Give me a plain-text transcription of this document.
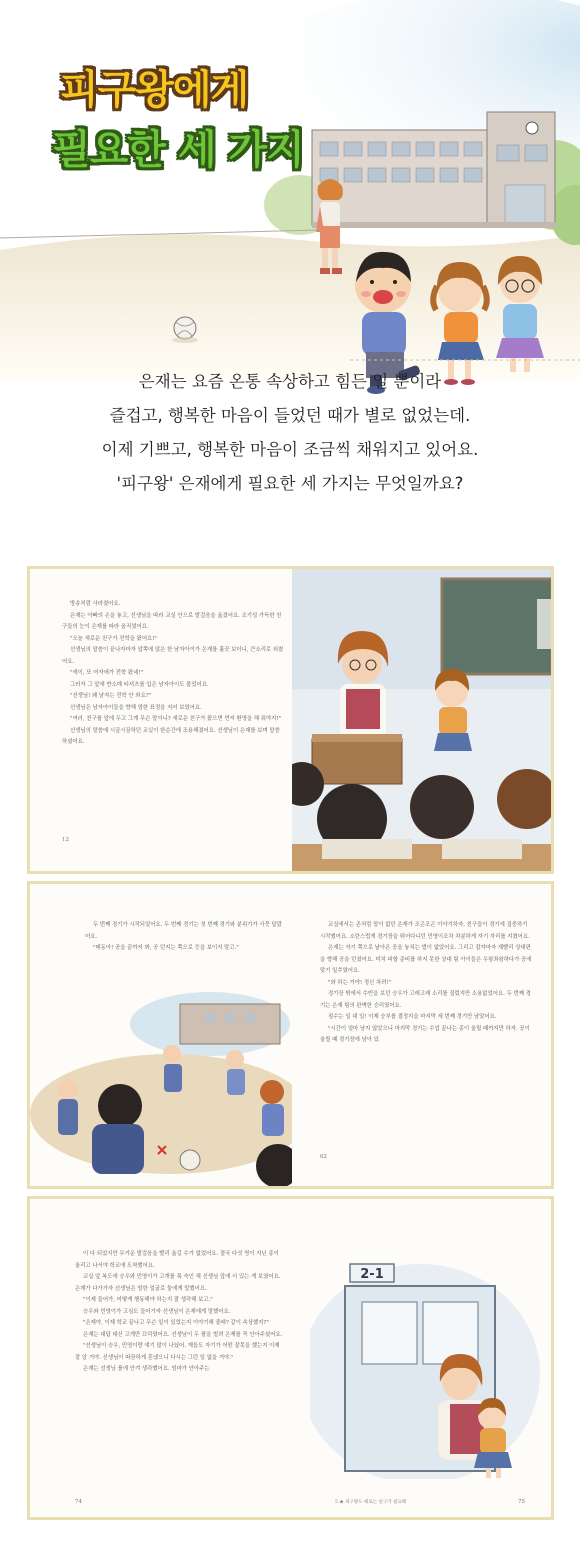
피구왕에게
필요한 세 가지

은재는 요즘 온통 속상하고 힘든 일 뿐이라

즐겁고, 행복한 마음이 들었던 때가 별로 없었는데.

이제 기쁘고, 행복한 마음이 조금씩 채워지고 있어요.

'피구왕' 은재에게 필요한 세 가지는 무엇일까요?

방송처럼 사라졌어요.

은재는 아빠의 손을 놓고, 선생님을 따라 교실 안으로 발걸음을 옮겼어요. 조기성 가득한 친구들의 눈이 은재를 따라 움직였어요.

"오늘 새로운 친구가 전학을 왔어요!"

선생님의 말씀이 끝나자마자 앞쪽에 앉은 한 남자아이가 은재를 흘끗 보더니, 큰소리로 외쳤어요.

"에이, 또 여자애가 전학 왔네!"

그러자 그 앞에 반소매 티셔츠를 입은 남자아이도 물었어요.

"선생님! 왜 남자는 전학 안 와요?"

선생님은 남자아이들을 향해 엄한 표정을 지어 보였어요.

"여러, 친구를 앞에 두고 그게 무슨 말이니? 새로운 친구가 왔으면 먼저 환영을 해 줘야지!"

선생님의 말씀에 시끌시끌하던 교실이 한순간에 조용해졌어요. 선생님이 은재를 보며 말씀하셨어요.

12

두 번째 경기가 시작되었어요. 두 번째 경기는 첫 번째 경기와 분위기가 사뭇 달랐어요.

"매동아! 공을 끝까지 봐, 공 던지는 쪽으로 등을 보이지 말고."

교실에서는 존처럼 말이 없던 은재가 조곤조곤 이야기하자, 친구들이 경기에 집중하기 시작했어요. 소란스럽게 경기장을 뛰어다니던 민영이조차 차분하게 자기 자리를 지켰어요.

은재는 자기 쪽으로 날아온 공을 놓치는 법이 없었어요. 그리고 잡자마자 재빨리 상대편을 향해 공을 던졌어요. 미처 피할 준비를 하지 못한 상대 팀 아이들은 우왕좌왕하다가 공에 맞기 일쑤였어요.

"와 하는 거야! 정신 차려!"

경기장 밖에서 수빈을 보던 승우가 고래고래 소리를 질렀지만 소용없었어요. 두 번째 경기는 은재 팀의 완벽한 승리였어요.

점수는 일 대 일! 이제 승부를 결정지을 마지막 세 번째 경기만 남았어요.

"시간이 얼마 남지 않았으니 마지막 경기는 수업 끝나는 종이 울릴 때까지만 하자. 공이 울릴 때 경기장에 남아 있

62

이 다 되었지만 무거운 발걸음을 빨리 옮길 수가 없었어요. 결국 다섯 명이 지닌 종이 울리고 나서야 학교에 도착했어요.

교실 앞 복도에 승우와 민영이가 고개를 푹 숙인 채 선생님 앞에 서 있는 게 보였어요. 은재가 다가가자 선생님은 엄한 얼굴로 둘에게 말했어요.

"이제 들어가, 어떻게 행동해야 하는지 잘 생각해 보고."

승우와 민영이가 고심도 들어가자 선생님이 은재에게 말했어요.

"은재야, 이제 학교 끝나고 무슨 일이 있었는지 이야기해 줄래? 같이 속상했지?"

은재는 대답 대신 고개만 끄덕였어요. 선생님이 두 팔을 벌려 은재를 꼭 안아주셨어요.

"선생님이 승우, 민영이랑 얘기 많이 나눴어. 재들도 자기가 어떤 잘못을 했는지 이제 잘 알 거야. 선생님이 따끔하게 혼냈으니 다시는 그런 일 없을 거야."

은재는 선생님 품에 안겨 생각했어요. 엄마가 안아주는

2-1
74	5 ★ 피구왕도 때로는 친구가 필요해	75
